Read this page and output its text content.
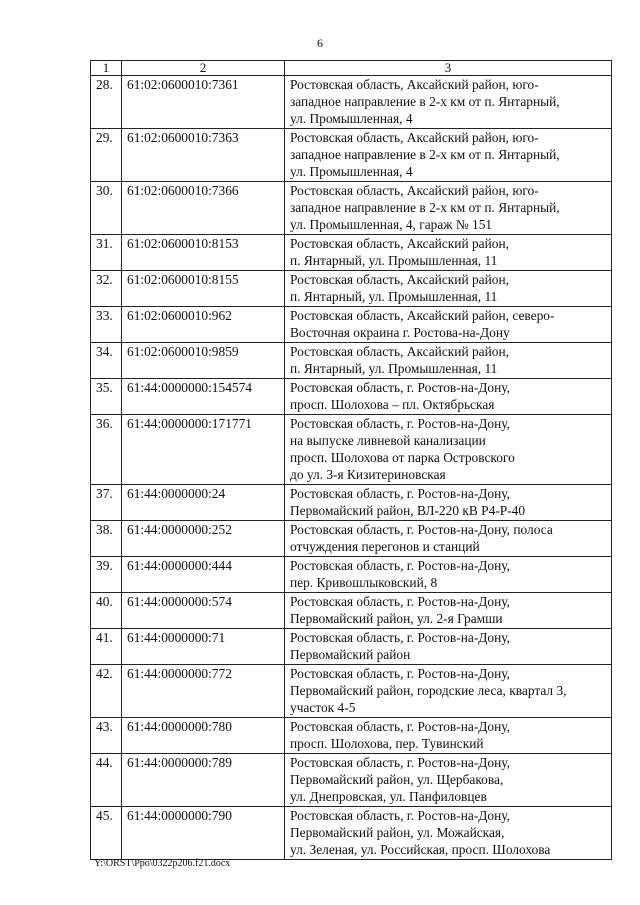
6
1	2	3
28.	61:02:0600010:7361	Ростовская область, Аксайский район, юго-
западное направление в 2-х км от п. Янтарный,
ул. Промышленная, 4

29.	61:02:0600010:7363	Ростовская область, Аксайский район, юго-
западное направление в 2-х км от п. Янтарный,
ул. Промышленная, 4

30.	61:02:0600010:7366	Ростовская область, Аксайский район, юго-
западное направление в 2-х км от п. Янтарный,
ул. Промышленная, 4, гараж № 151

31.	61:02:0600010:8153	Ростовская область, Аксайский район,
п. Янтарный, ул. Промышленная, 11

32.	61:02:0600010:8155	Ростовская область, Аксайский район,
п. Янтарный, ул. Промышленная, 11

33.	61:02:0600010:962	Ростовская область, Аксайский район, северо-
Восточная окраина г. Ростова-на-Дону

34.	61:02:0600010:9859	Ростовская область, Аксайский район,
п. Янтарный, ул. Промышленная, 11

35.	61:44:0000000:154574	Ростовская область, г. Ростов-на-Дону,
просп. Шолохова – пл. Октябрьская

36.	61:44:0000000:171771	Ростовская область, г. Ростов-на-Дону,
на выпуске ливневой канализации
просп. Шолохова от парка Островского
до ул. 3-я Кизитериновская

37.	61:44:0000000:24	Ростовская область, г. Ростов-на-Дону,
Первомайский район, ВЛ-220 кВ Р4-Р-40

38.	61:44:0000000:252	Ростовская область, г. Ростов-на-Дону, полоса
отчуждения перегонов и станций

39.	61:44:0000000:444	Ростовская область, г. Ростов-на-Дону,
пер. Кривошлыковский, 8

40.	61:44:0000000:574	Ростовская область, г. Ростов-на-Дону,
Первомайский район, ул. 2-я Грамши

41.	61:44:0000000:71	Ростовская область, г. Ростов-на-Дону,
Первомайский район

42.	61:44:0000000:772	Ростовская область, г. Ростов-на-Дону,
Первомайский район, городские леса, квартал 3,
участок 4-5

43.	61:44:0000000:780	Ростовская область, г. Ростов-на-Дону,
просп. Шолохова, пер. Тувинский

44.	61:44:0000000:789	Ростовская область, г. Ростов-на-Дону,
Первомайский район, ул. Щербакова,
ул. Днепровская, ул. Панфиловцев

45.	61:44:0000000:790	Ростовская область, г. Ростов-на-Дону,
Первомайский район, ул. Можайская,
ул. Зеленая, ул. Российская, просп. Шолохова
Y:\ORST\Ppo\0322p206.f21.docx
